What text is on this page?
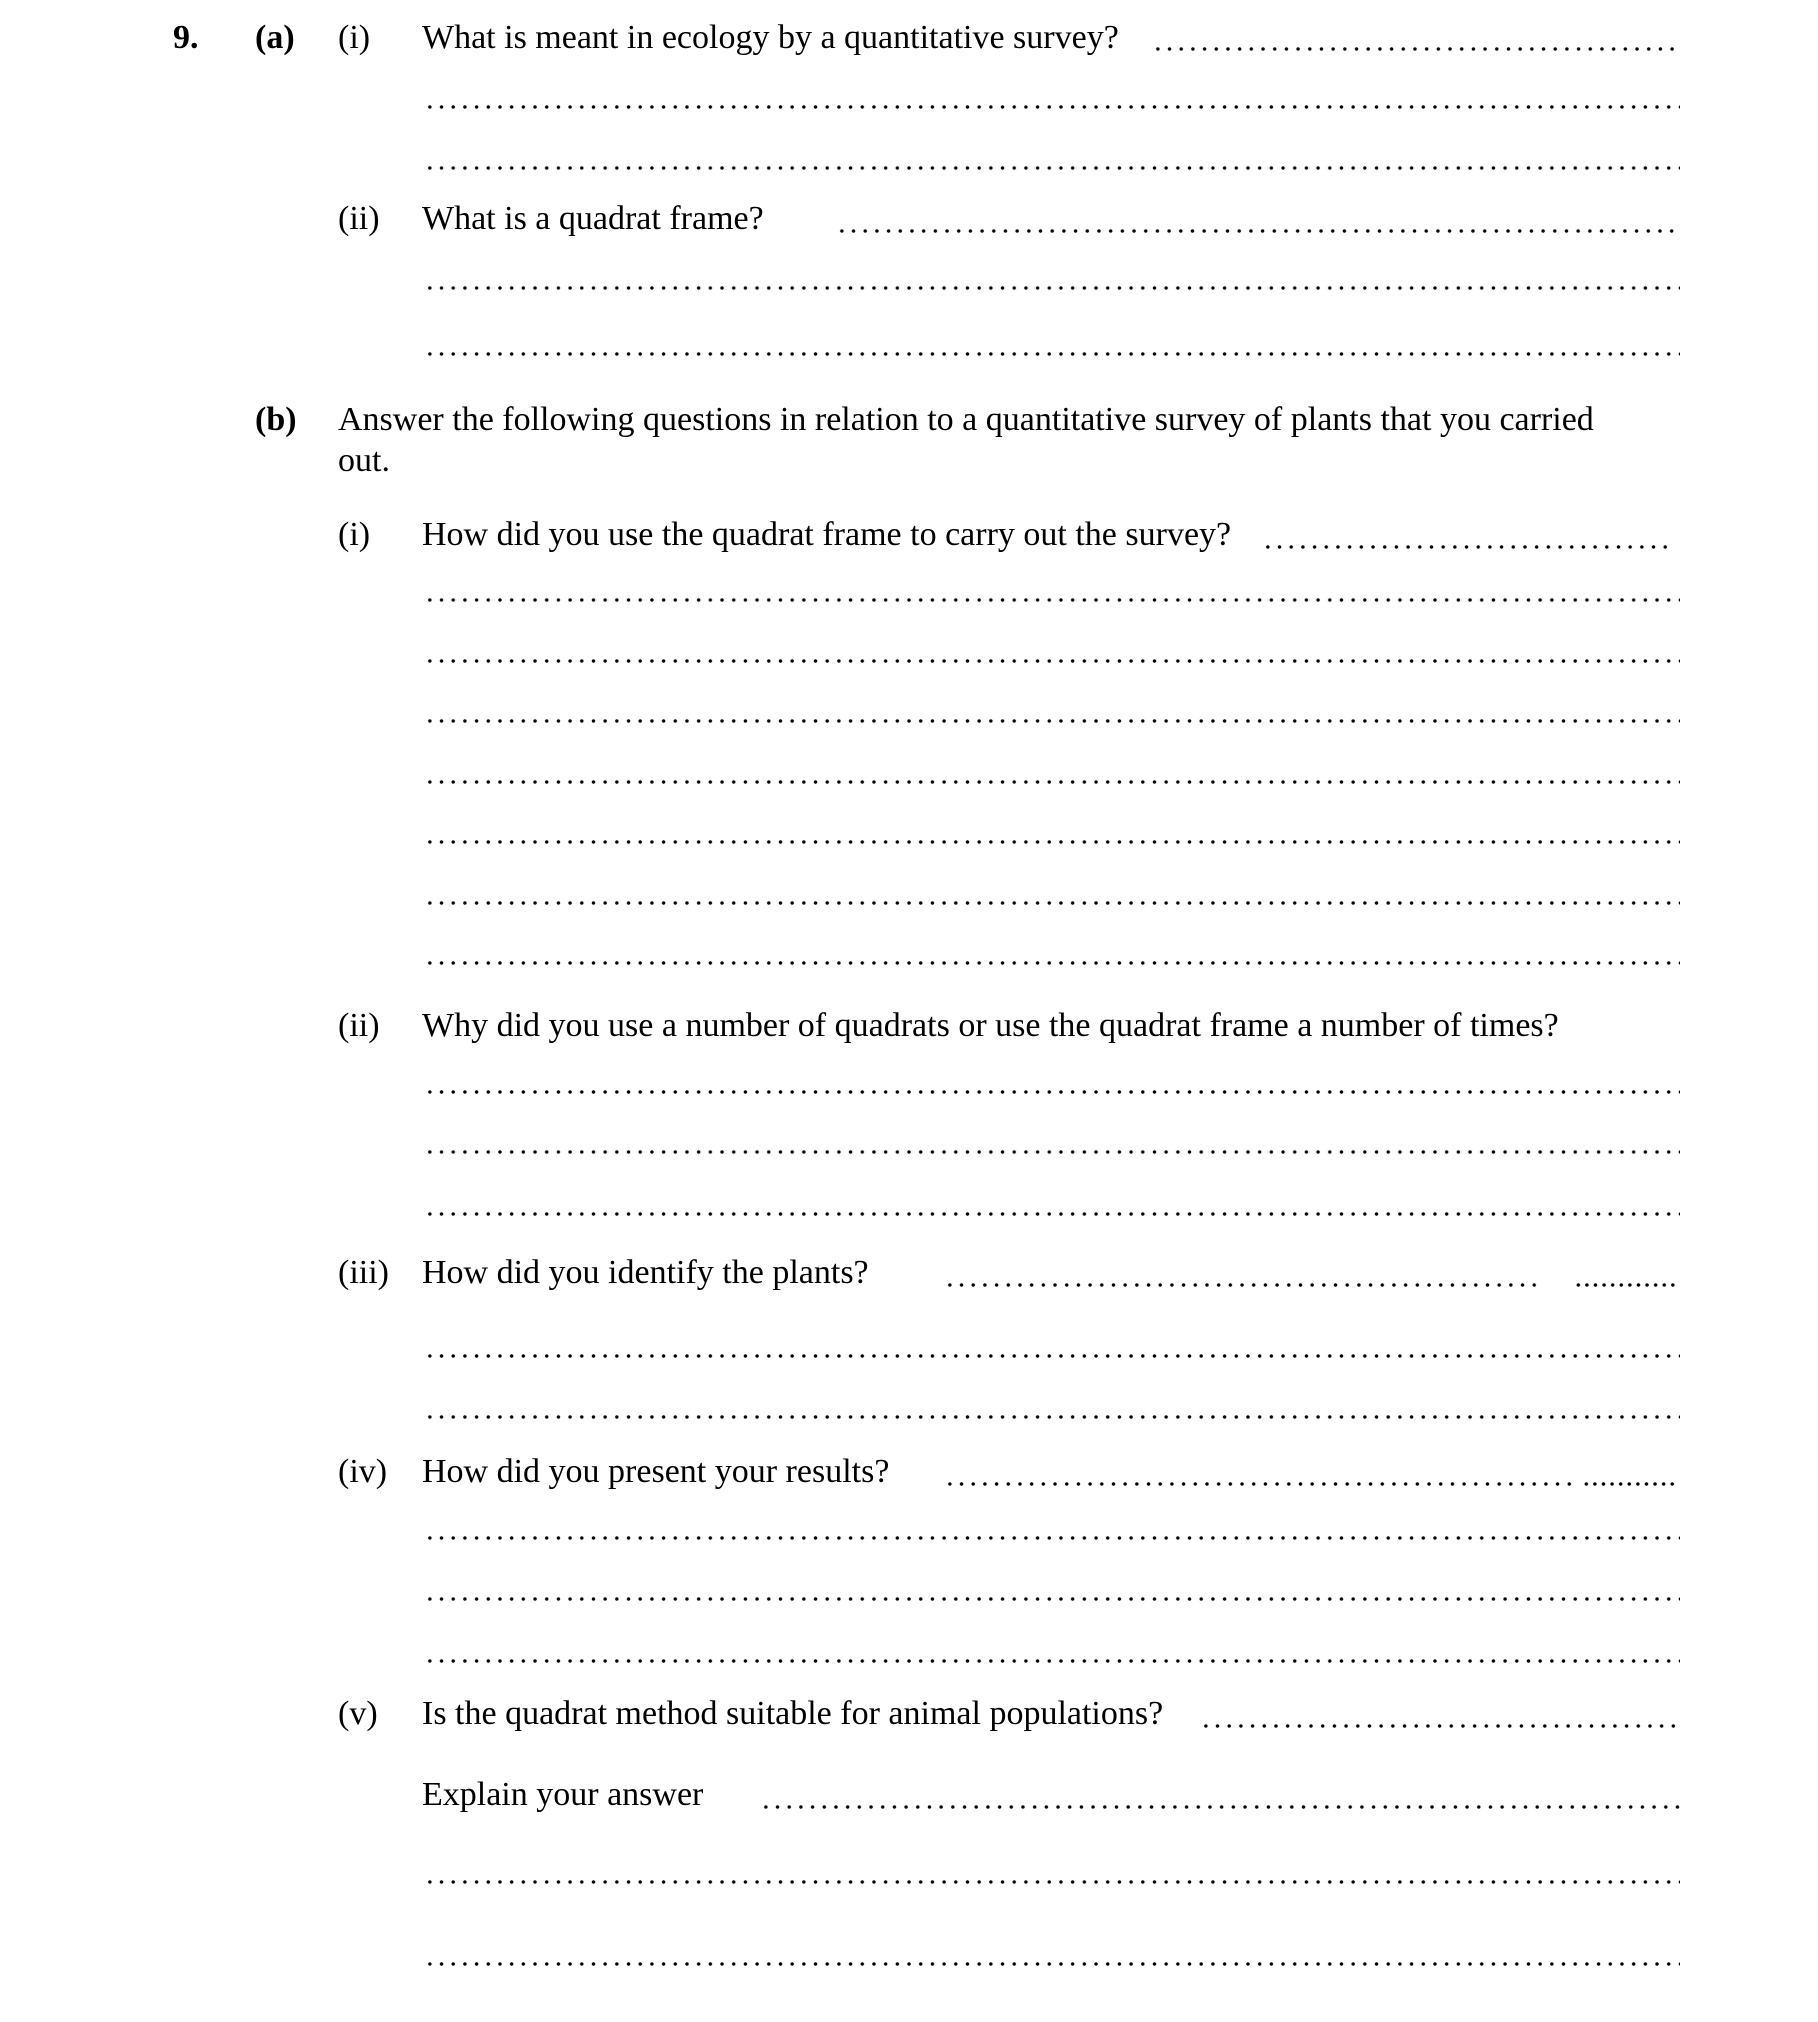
9. (a) (i) What is meant in ecology by a quantitative survey?
(ii) What is a quadrat frame?
(b) Answer the following questions in relation to a quantitative survey of plants that you carried
out.
(i) How did you use the quadrat frame to carry out the survey?
(ii) Why did you use a number of quadrats or use the quadrat frame a number of times?
(iii) How did you identify the plants?
(iv) How did you present your results?
(v) Is the quadrat method suitable for animal populations?
Explain your answer
